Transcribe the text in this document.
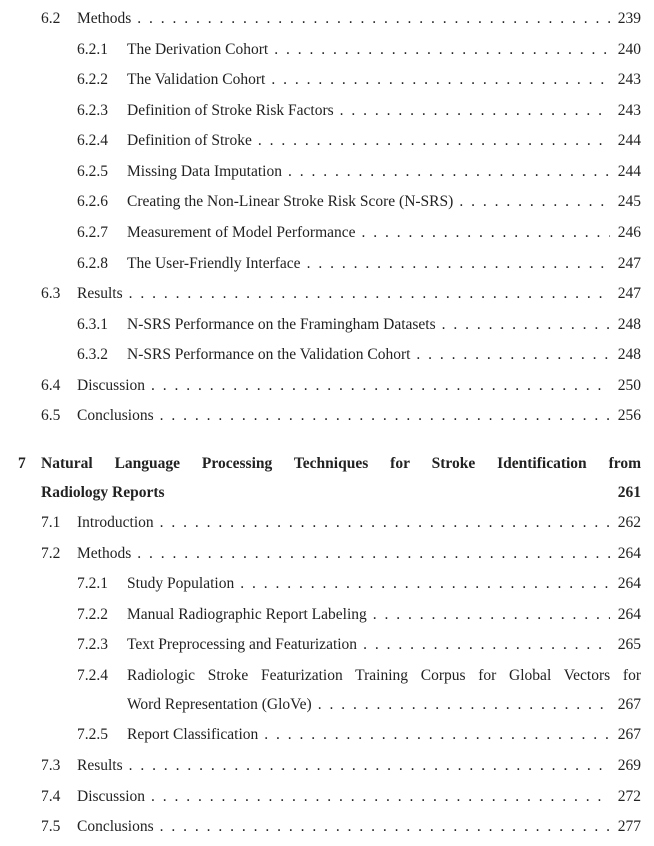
6.2 Methods . . .	239
6.2.1 The Derivation Cohort . . .	240
6.2.2 The Validation Cohort . . .	243
6.2.3 Definition of Stroke Risk Factors . . .	243
6.2.4 Definition of Stroke . . .	244
6.2.5 Missing Data Imputation . . .	244
6.2.6 Creating the Non-Linear Stroke Risk Score (N-SRS) . . .	245
6.2.7 Measurement of Model Performance . . .	246
6.2.8 The User-Friendly Interface . . .	247
6.3 Results . . .	247
6.3.1 N-SRS Performance on the Framingham Datasets . . .	248
6.3.2 N-SRS Performance on the Validation Cohort . . .	248
6.4 Discussion . . .	250
6.5 Conclusions . . .	256
7 Natural Language Processing Techniques for Stroke Identification from
Radiology Reports	261
7.1 Introduction . . .	262
7.2 Methods . . .	264
7.2.1 Study Population . . .	264
7.2.2 Manual Radiographic Report Labeling . . .	264
7.2.3 Text Preprocessing and Featurization . . .	265
7.2.4 Radiologic Stroke Featurization Training Corpus for Global Vectors for
Word Representation (GloVe) . . .	267
7.2.5 Report Classification . . .	267
7.3 Results . . .	269
7.4 Discussion . . .	272
7.5 Conclusions . . .	277
